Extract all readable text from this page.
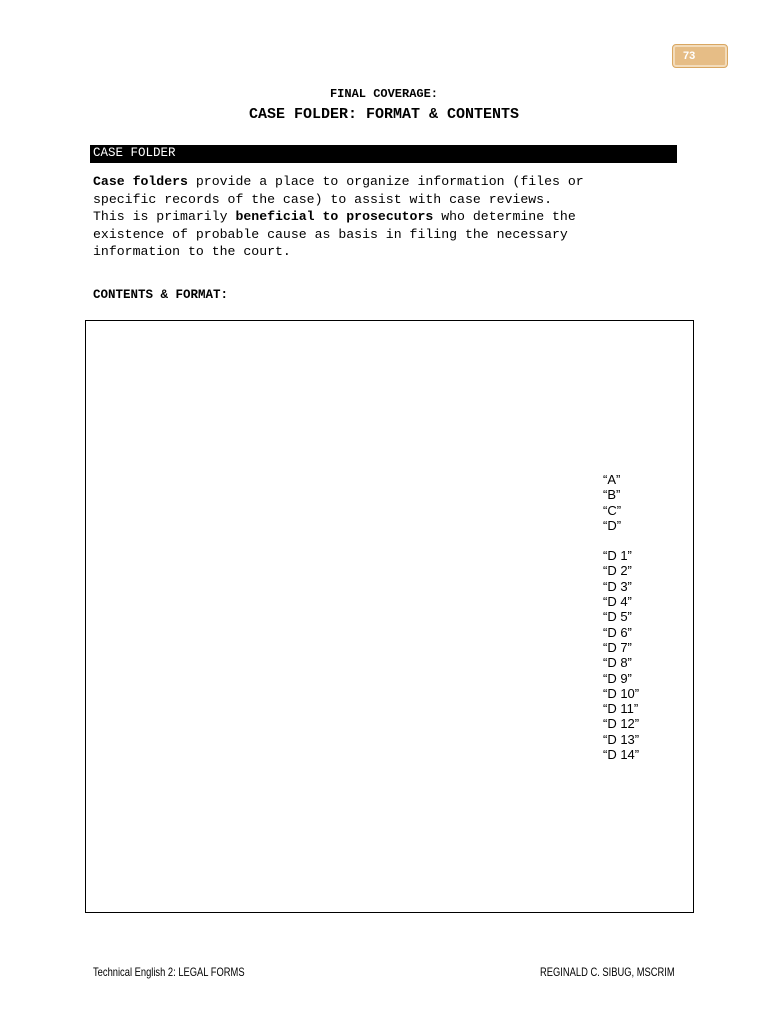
73
FINAL COVERAGE:
CASE FOLDER: FORMAT & CONTENTS
CASE FOLDER
Case folders provide a place to organize information (files or
specific records of the case) to assist with case reviews.
This is primarily beneficial to prosecutors who determine the
existence of probable cause as basis in filing the necessary
information to the court.
CONTENTS & FORMAT:
“A”
“B”
“C”
“D”
“D 1”
“D 2”
“D 3”
“D 4”
“D 5”
“D 6”
“D 7”
“D 8”
“D 9”
“D 10”
“D 11”
“D 12”
“D 13”
“D 14”
Technical English 2: LEGAL FORMS	REGINALD C. SIBUG, MSCRIM
